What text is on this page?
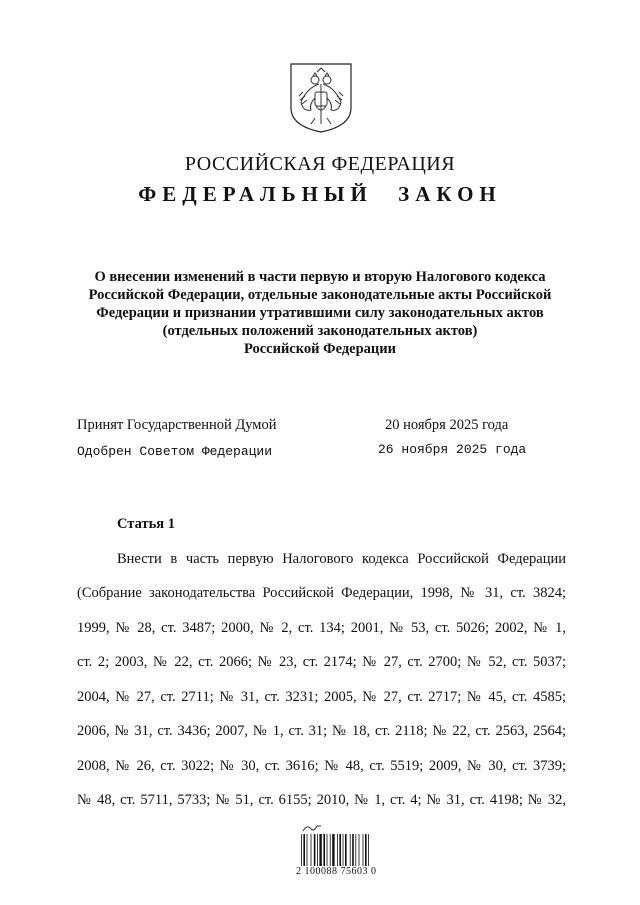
РОССИЙСКАЯ ФЕДЕРАЦИЯ
ФЕДЕРАЛЬНЫЙ ЗАКОН
О внесении изменений в части первую и вторую Налогового кодекса
Российской Федерации, отдельные законодательные акты Российской
Федерации и признании утратившими силу законодательных актов
(отдельных положений законодательных актов)
Российской Федерации
Принят Государственной Думой	20 ноября 2025 года
Одобрен Советом Федерации	26 ноября 2025 года
Статья 1
Внести в часть первую Налогового кодекса Российской Федерации
(Собрание законодательства Российской Федерации, 1998, № 31, ст. 3824;
1999, № 28, ст. 3487; 2000, № 2, ст. 134; 2001, № 53, ст. 5026; 2002, № 1,
ст. 2; 2003, № 22, ст. 2066; № 23, ст. 2174; № 27, ст. 2700; № 52, ст. 5037;
2004, № 27, ст. 2711; № 31, ст. 3231; 2005, № 27, ст. 2717; № 45, ст. 4585;
2006, № 31, ст. 3436; 2007, № 1, ст. 31; № 18, ст. 2118; № 22, ст. 2563, 2564;
2008, № 26, ст. 3022; № 30, ст. 3616; № 48, ст. 5519; 2009, № 30, ст. 3739;
№ 48, ст. 5711, 5733; № 51, ст. 6155; 2010, № 1, ст. 4; № 31, ст. 4198; № 32,
2 100088 75603 0
